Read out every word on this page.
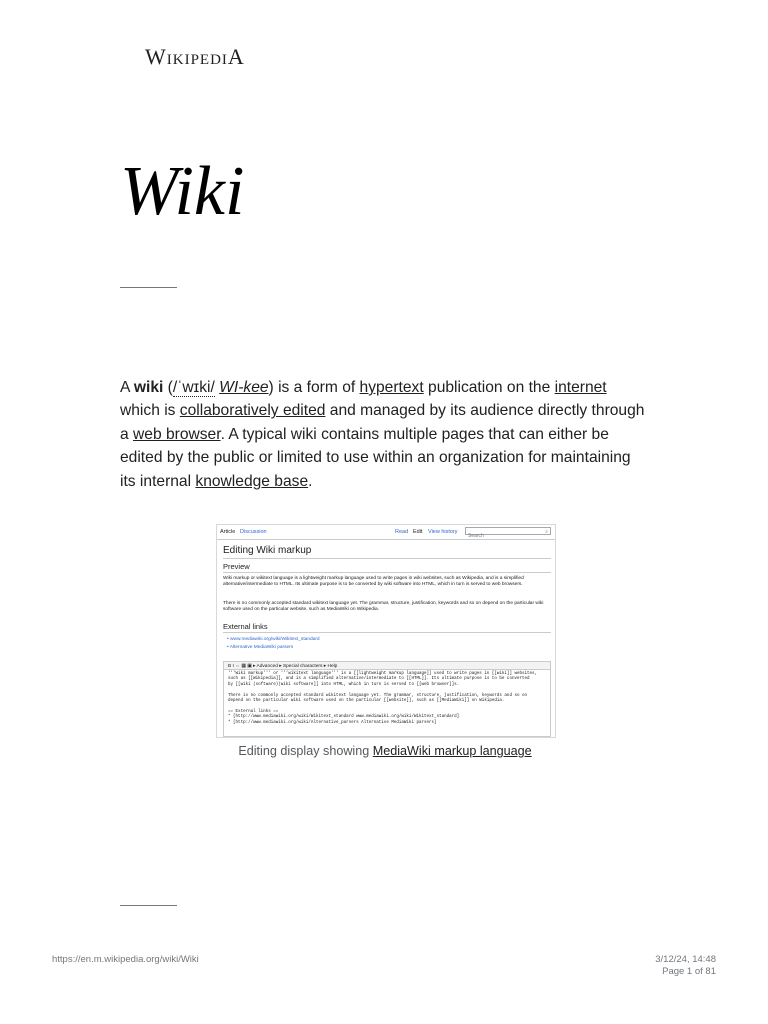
WIKIPEDIA
Wiki

A wiki (/ˈwɪki/ WI-kee) is a form of hypertext publication on the internet which is collaboratively edited and managed by its audience directly through a web browser. A typical wiki contains multiple pages that can either be edited by the public or limited to use within an organization for maintaining its internal knowledge base.

Article Discussion	Read Edit View history
Search
⌕
Editing Wiki markup
Preview
Wiki markup or wikitext language is a lightweight markup language used to write pages in wiki websites, such as Wikipedia, and is a simplified alternative/intermediate to HTML. Its ultimate purpose is to be converted by wiki software into HTML, which in turn is served to web browsers.
There is no commonly accepted standard wikitext language yet. The grammar, structure, justification, keywords and so on depend on the particular wiki software used on the particular website, such as MediaWiki on Wikipedia.
External links
• www.mediawiki.org/wiki/Wikitext_standard
• Alternative MediaWiki parsers
B I ⇔ ▦ ▣ ▸ Advanced ▸ Special characters ▸ Help
'''Wiki markup''' or '''wikitext language''' is a [[lightweight markup language]] used to write pages in [[wiki]] websites,
such as [[Wikipedia]], and is a simplified alternative/intermediate to [[HTML]]. Its ultimate purpose is to be converted
by [[wiki (software)|wiki software]] into HTML, which in turn is served to [[web browser]]s.

There is no commonly accepted standard wikitext language yet. The grammar, structure, justification, keywords and so on
depend on the particular wiki software used on the particular [[website]], such as [[MediaWiki]] on Wikipedia.

== External links ==
* [http://www.mediawiki.org/wiki/Wikitext_standard www.mediawiki.org/wiki/Wikitext_standard]
* [http://www.mediawiki.org/wiki/Alternative_parsers Alternative MediaWiki parsers]
Editing display showing MediaWiki markup language
https://en.m.wikipedia.org/wiki/Wiki	3/12/24, 14:48
Page 1 of 81
